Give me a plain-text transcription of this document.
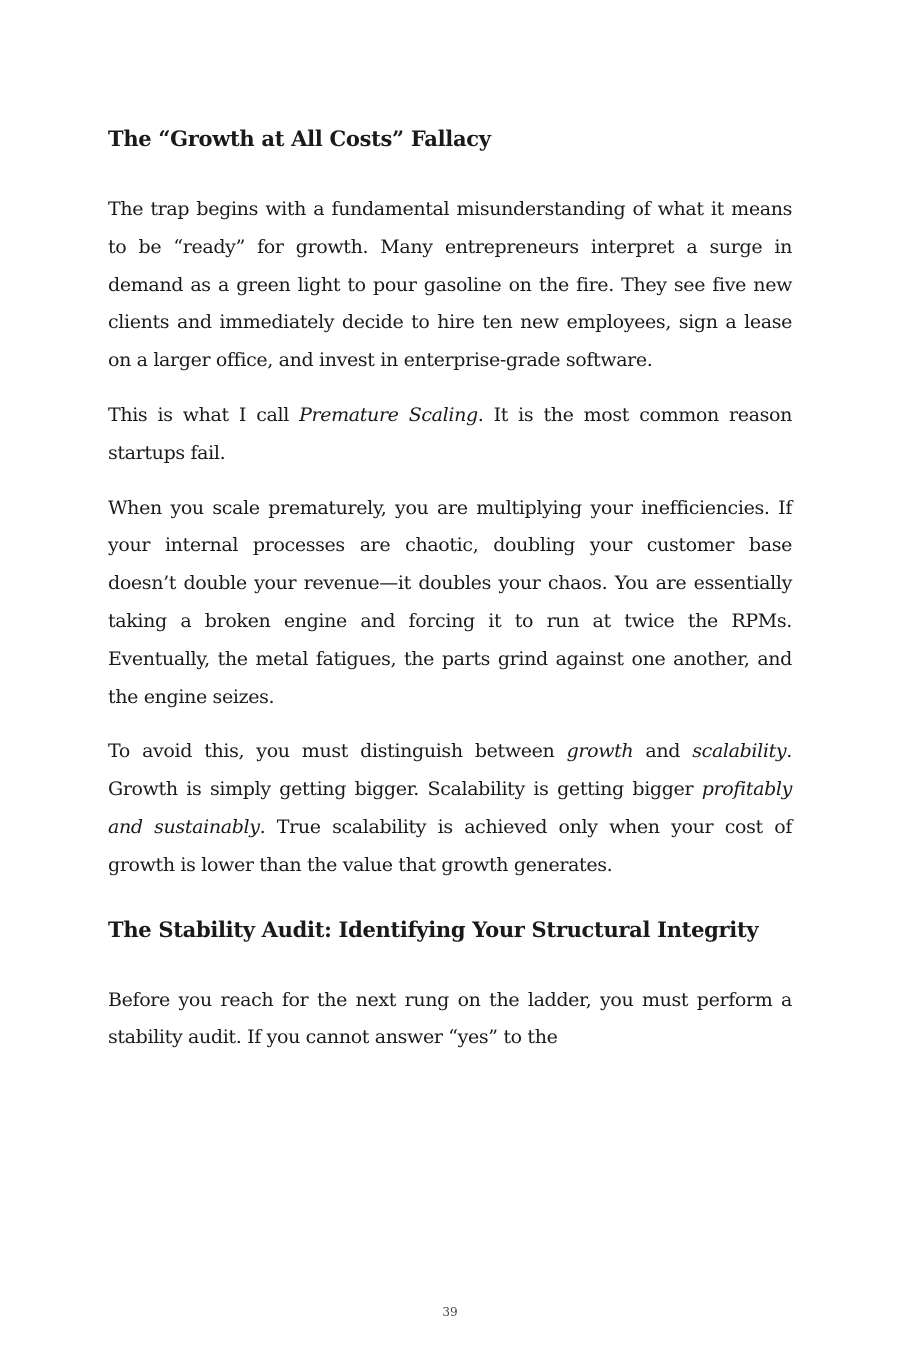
The “Growth at All Costs” Fallacy

The trap begins with a fundamental misunderstanding of what it means to be “ready” for growth. Many entrepreneurs interpret a surge in demand as a green light to pour gasoline on the fire. They see five new clients and immediately decide to hire ten new employees, sign a lease on a larger office, and invest in enterprise-grade software.

This is what I call Premature Scaling. It is the most common reason startups fail.

When you scale prematurely, you are multiplying your inefficiencies. If your internal processes are chaotic, doubling your customer base doesn’t double your revenue—it doubles your chaos. You are essentially taking a broken engine and forcing it to run at twice the RPMs. Eventually, the metal fatigues, the parts grind against one another, and the engine seizes.

To avoid this, you must distinguish between growth and scalability. Growth is simply getting bigger. Scalability is getting bigger profitably and sustainably. True scalability is achieved only when your cost of growth is lower than the value that growth generates.

The Stability Audit: Identifying Your Structural Integrity

Before you reach for the next rung on the ladder, you must perform a stability audit. If you cannot answer “yes” to the

39
